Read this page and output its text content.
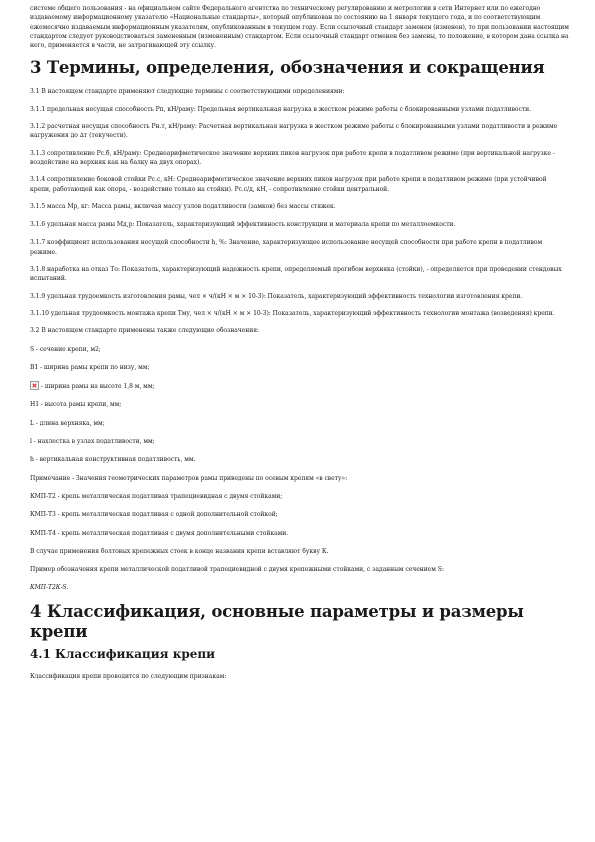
системе общего пользования - на официальном сайте Федерального агентства по техническому регулированию и метрологии в сети Интернет или по ежегодно издаваемому информационному указателю «Национальные стандарты», который опубликован по состоянию на 1 января текущего года, и по соответствующим ежемесячно издаваемым информационным указателям, опубликованным в текущем году. Если ссылочный стандарт заменен (изменен), то при пользовании настоящим стандартом следует руководствоваться замененным (измененным) стандартом. Если ссылочный стандарт отменен без замены, то положение, в котором дана ссылка на него, применяется в части, не затрагивающей эту ссылку.

3 Термины, определения, обозначения и сокращения

3.1 В настоящем стандарте применяют следующие термины с соответствующими определениями:

3.1.1 предельная несущая способность Рп, кН/раму: Предельная вертикальная нагрузка в жестком режиме работы с блокированными узлами податливости.

3.1.2 расчетная несущая способность Рн.т, кН/раму: Расчетная вертикальная нагрузка в жестком режиме работы с блокированными узлами податливости в режиме нагружения до ∆т (текучести).

3.1.3 сопротивление Рс.б, кН/раму: Среднеарифметическое значение верхних пиков нагрузок при работе крепи в податливом режиме (при вертикальной нагрузке - воздействие на верхняк как на балку на двух опорах).

3.1.4 сопротивление боковой стойки Рс.с, кН: Среднеарифметическое значение верхних пиков нагрузок при работе крепи в податливом режиме (при устойчивой крепи, работающей как опора, - воздействие только на стойки). Рс.с/д, кН, - сопротивление стойки центральной.

3.1.5 масса Мр, кг: Масса рамы, включая массу узлов податливости (замков) без массы стяжек.

3.1.6 удельная масса рамы Мд,р: Показатель, характеризующий эффективность конструкции и материала крепи по металлоемкости.

3.1.7 коэффициент использования несущей способности h, %: Значение, характеризующее использование несущей способности при работе крепи в податливом режиме.

3.1.8 наработка на отказ То: Показатель, характеризующий надежность крепи, определяемый прогибом верхняка (стойки), - определяется при проведении стендовых испытаний.

3.1.9 удельная трудоемкость изготовления рамы, чел × ч/(кН × м × 10-3): Показатель, характеризующий эффективность технологии изготовления крепи.

3.1.10 удельная трудоемкость монтажа крепи Тму, чел × ч/(кН × м × 10-3): Показатель, характеризующий эффективность технологии монтажа (возведения) крепи.

3.2 В настоящем стандарте применены также следующие обозначения:

S - сечение крепи, м2;

B1 - ширина рамы крепи по низу, мм;

- ширина рамы на высоте 1,8 м, мм;

H1 - высота рамы крепи, мм;

L - длина верхняка, мм;

l - нахлестка в узлах податливости, мм;

h - вертикальная конструктивная податливость, мм.

Примечание - Значения геометрических параметров рамы приведены по осевым крепям «в свету»:

КМП-Т2 - крепь металлическая податливая трапециевидная с двумя стойками;

КМП-Т3 - крепь металлическая податливая с одной дополнительной стойкой;

КМП-Т4 - крепь металлическая податливая с двумя дополнительными стойками.

В случае применения болтовых крепежных стоек в конце названия крепи вставляют букву К.

Пример обозначения крепи металлической податливой трапециевидной с двумя крепежными стойками, с заданным сечением S:

КМП-Т2К-S.

4 Классификация, основные параметры и размеры крепи
4.1 Классификация крепи

Классификация крепи проводится по следующим признакам:
